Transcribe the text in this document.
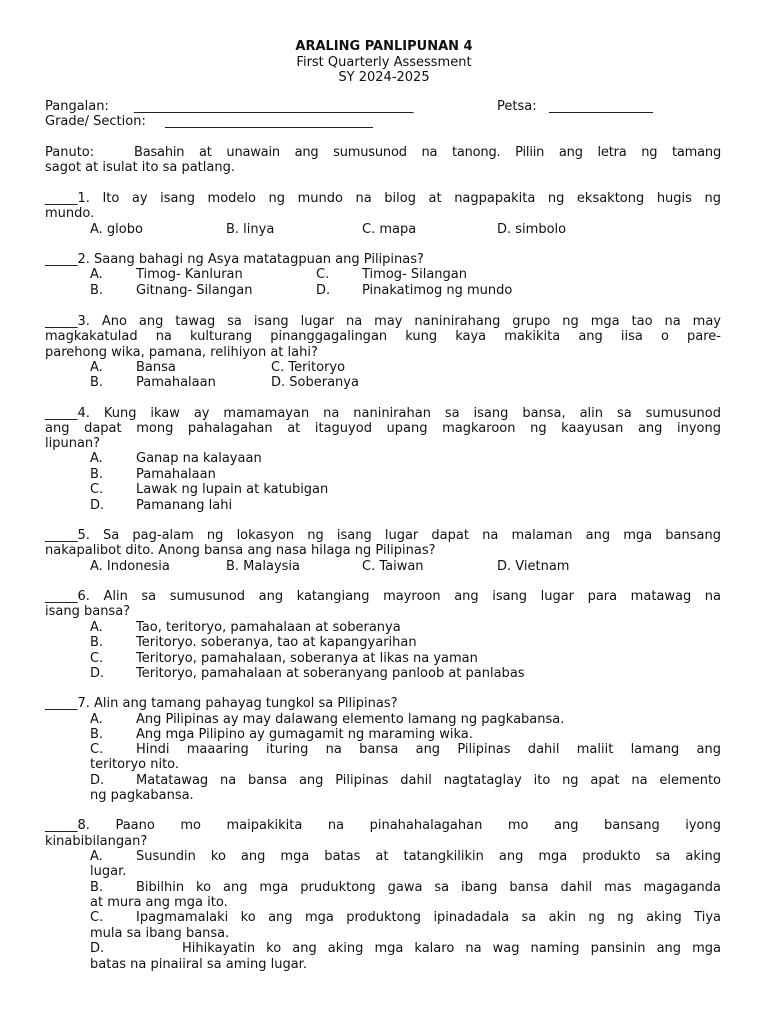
ARALING PANLIPUNAN 4
First Quarterly Assessment
SY 2024-2025
Pangalan: ___________________________________________	Petsa: ________________
Grade/ Section: ________________________________
Panuto:	Basahin at unawain ang sumusunod na tanong. Piliin ang letra ng tamang
sagot at isulat ito sa patlang.
_____1. Ito ay isang modelo ng mundo na bilog at nagpapakita ng eksaktong hugis ng
mundo.
A. globo	B. linya	C. mapa	D. simbolo
_____2. Saang bahagi ng Asya matatagpuan ang Pilipinas?
A.	Timog- Kanluran	C.	Timog- Silangan
B.	Gitnang- Silangan	D. Pinakatimog ng mundo
_____3. Ano ang tawag sa isang lugar na may naninirahang grupo ng mga tao na may
magkakatulad na kulturang pinanggagalingan kung kaya makikita ang iisa o pare-
parehong wika, pamana, relihiyon at lahi?
A.	Bansa	C. Teritoryo
B.	Pamahalaan	D. Soberanya
_____4. Kung ikaw ay mamamayan na naninirahan sa isang bansa, alin sa sumusunod
ang dapat mong pahalagahan at itaguyod upang magkaroon ng kaayusan ang inyong
lipunan?
A.	Ganap na kalayaan
B.	Pamahalaan
C.	Lawak ng lupain at katubigan
D. Pamanang lahi
_____5. Sa pag-alam ng lokasyon ng isang lugar dapat na malaman ang mga bansang
nakapalibot dito. Anong bansa ang nasa hilaga ng Pilipinas?
A. Indonesia	B. Malaysia	C. Taiwan	D. Vietnam
_____6. Alin sa sumusunod ang katangiang mayroon ang isang lugar para matawag na
isang bansa?
A.	Tao, teritoryo, pamahalaan at soberanya
B.	Teritoryo. soberanya, tao at kapangyarihan
C.	Teritoryo, pamahalaan, soberanya at likas na yaman
D. Teritoryo, pamahalaan at soberanyang panloob at panlabas
_____7. Alin ang tamang pahayag tungkol sa Pilipinas?
A.	Ang Pilipinas ay may dalawang elemento lamang ng pagkabansa.
B.	Ang mga Pilipino ay gumagamit ng maraming wika.
C.	Hindi maaaring ituring na bansa ang Pilipinas dahil maliit lamang ang
teritoryo nito.
D. Matatawag na bansa ang Pilipinas dahil nagtataglay ito ng apat na elemento
ng pagkabansa.
_____8. Paano mo maipakikita na pinahahalagahan mo ang bansang iyong
kinabibilangan?
A.	Susundin ko ang mga batas at tatangkilikin ang mga produkto sa aking
lugar.
B.	Bibilhin ko ang mga pruduktong gawa sa ibang bansa dahil mas magaganda
at mura ang mga ito.
C.	Ipagmamalaki ko ang mga produktong ipinadadala sa akin ng ng aking Tiya
mula sa ibang bansa.
D.	Hihikayatin ko ang aking mga kalaro na wag naming pansinin ang mga
batas na pinaiiral sa aming lugar.
